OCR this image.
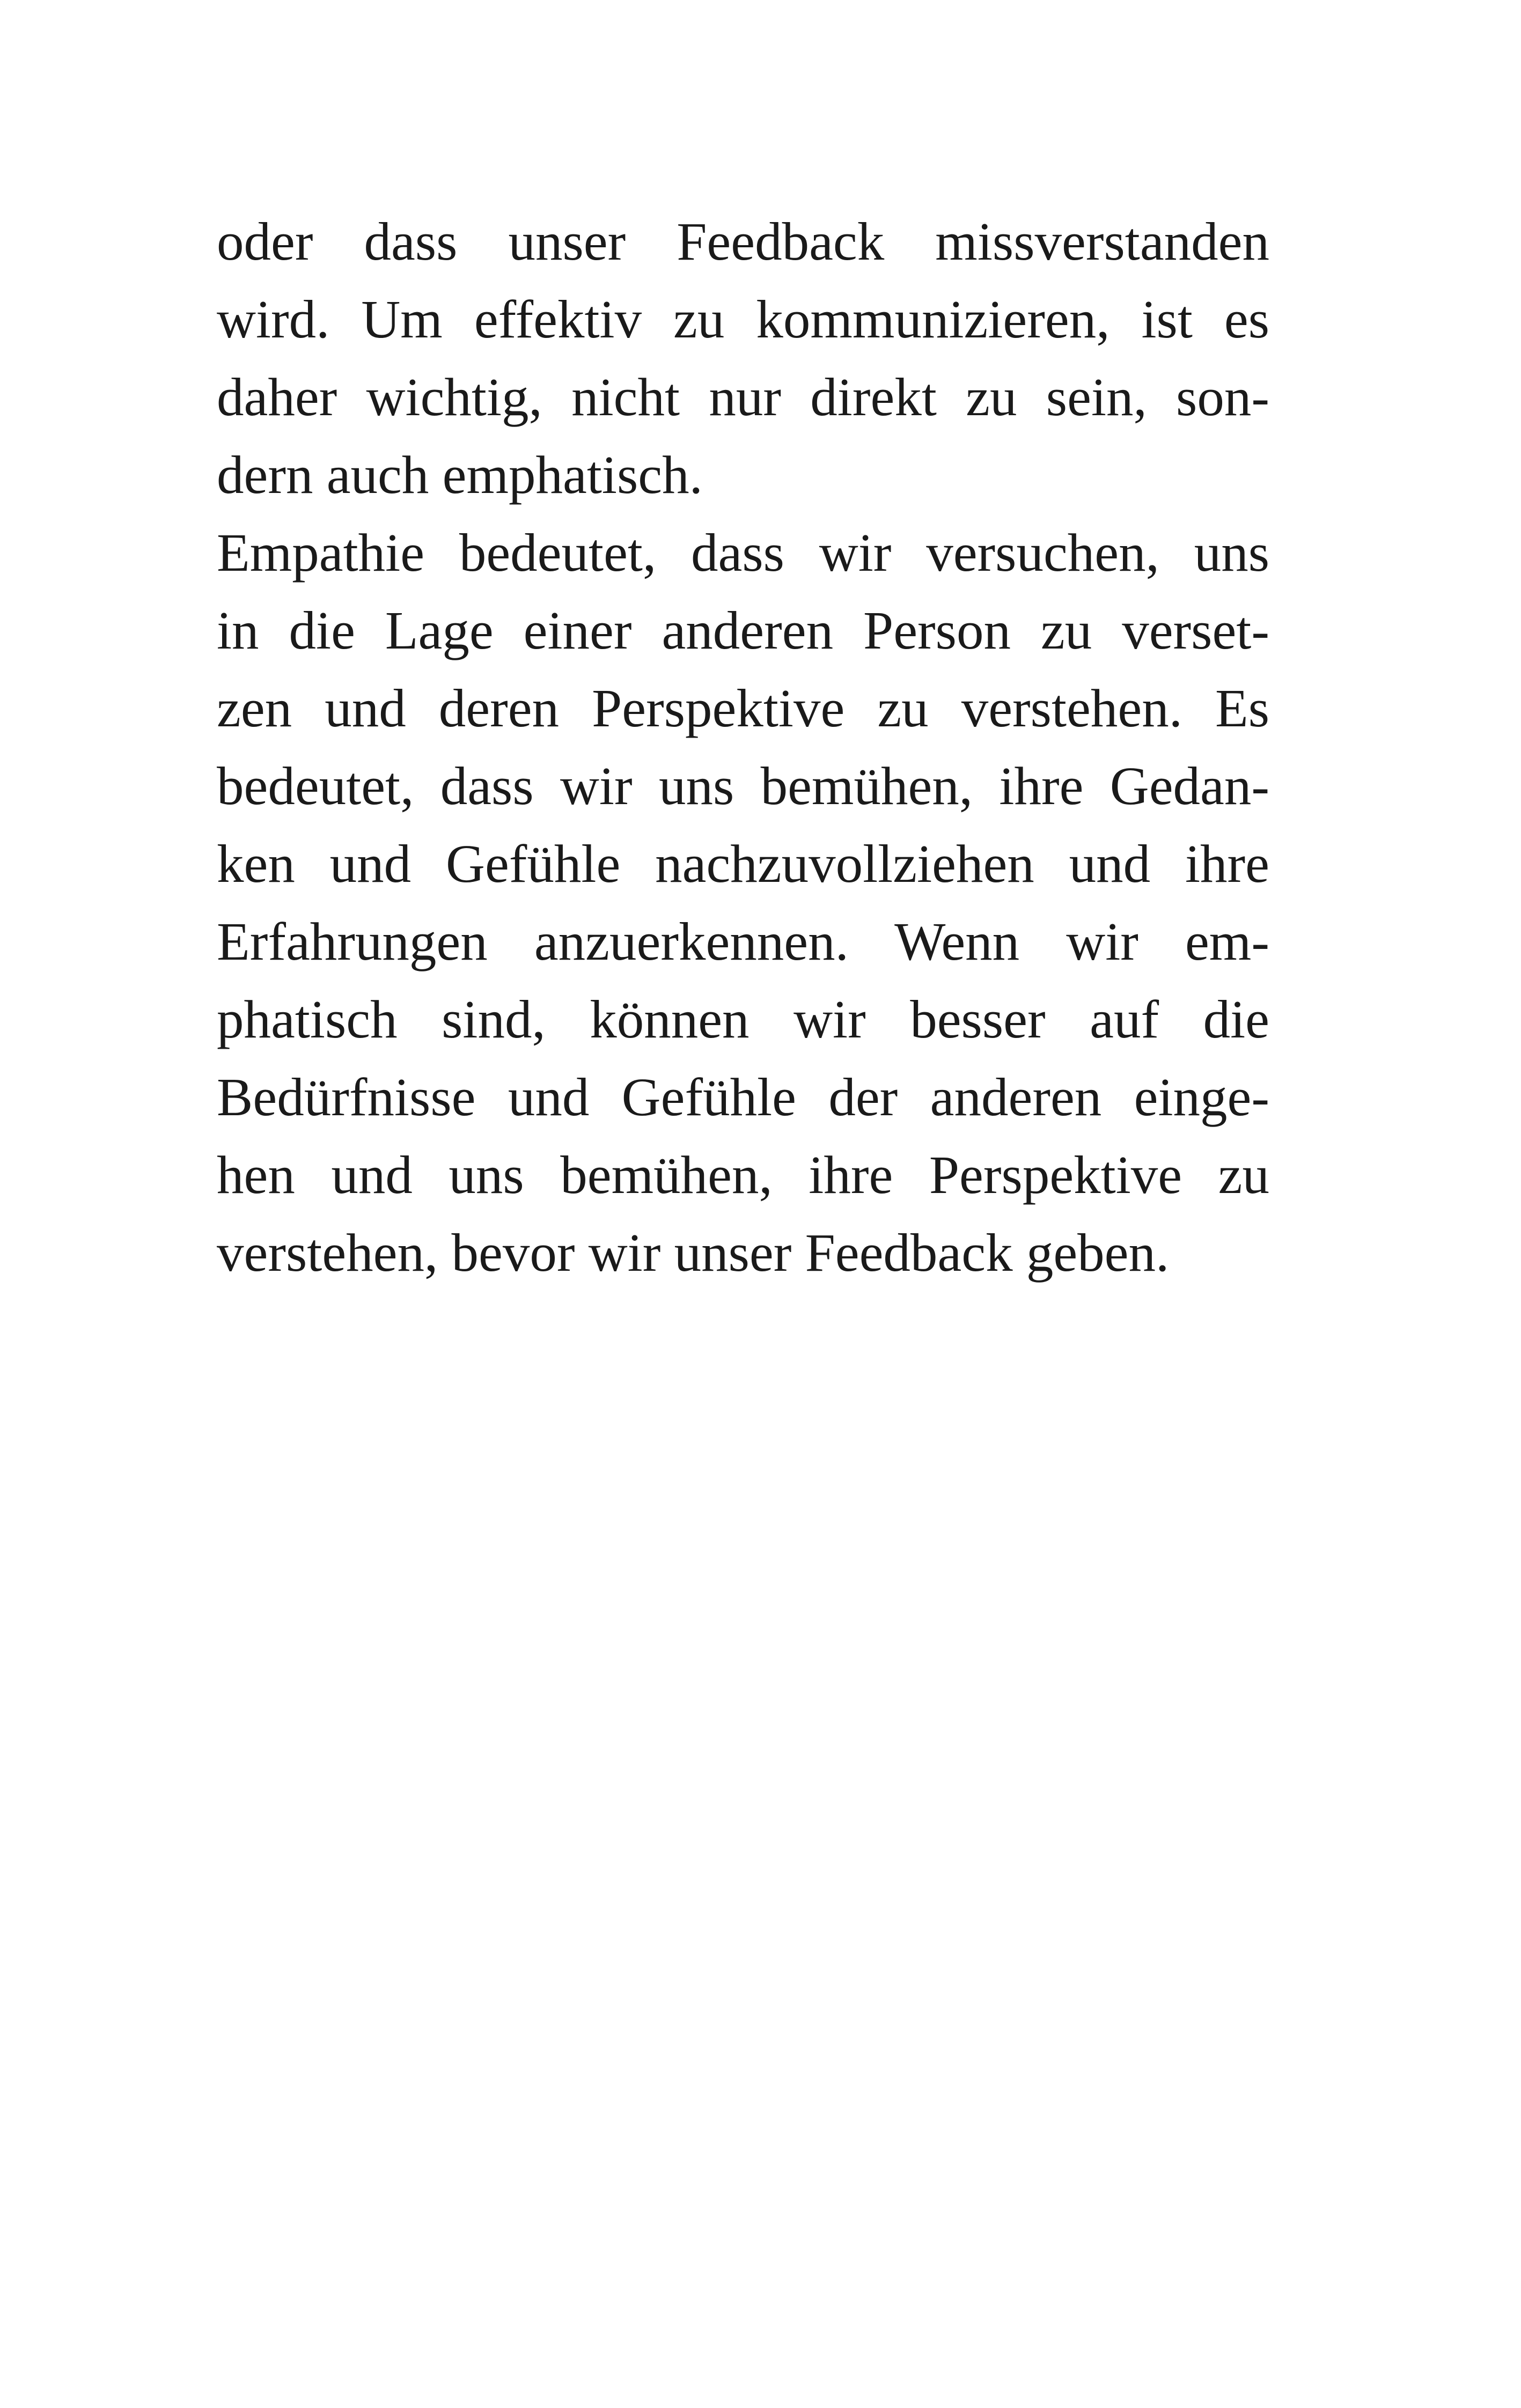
oder dass unser Feedback missverstanden
wird. Um effektiv zu kommunizieren, ist es
daher wichtig, nicht nur direkt zu sein, son-
dern auch emphatisch.
Empathie bedeutet, dass wir versuchen, uns
in die Lage einer anderen Person zu verset-
zen und deren Perspektive zu verstehen. Es
bedeutet, dass wir uns bemühen, ihre Gedan-
ken und Gefühle nachzuvollziehen und ihre
Erfahrungen anzuerkennen. Wenn wir em-
phatisch sind, können wir besser auf die
Bedürfnisse und Gefühle der anderen einge-
hen und uns bemühen, ihre Perspektive zu
verstehen, bevor wir unser Feedback geben.
